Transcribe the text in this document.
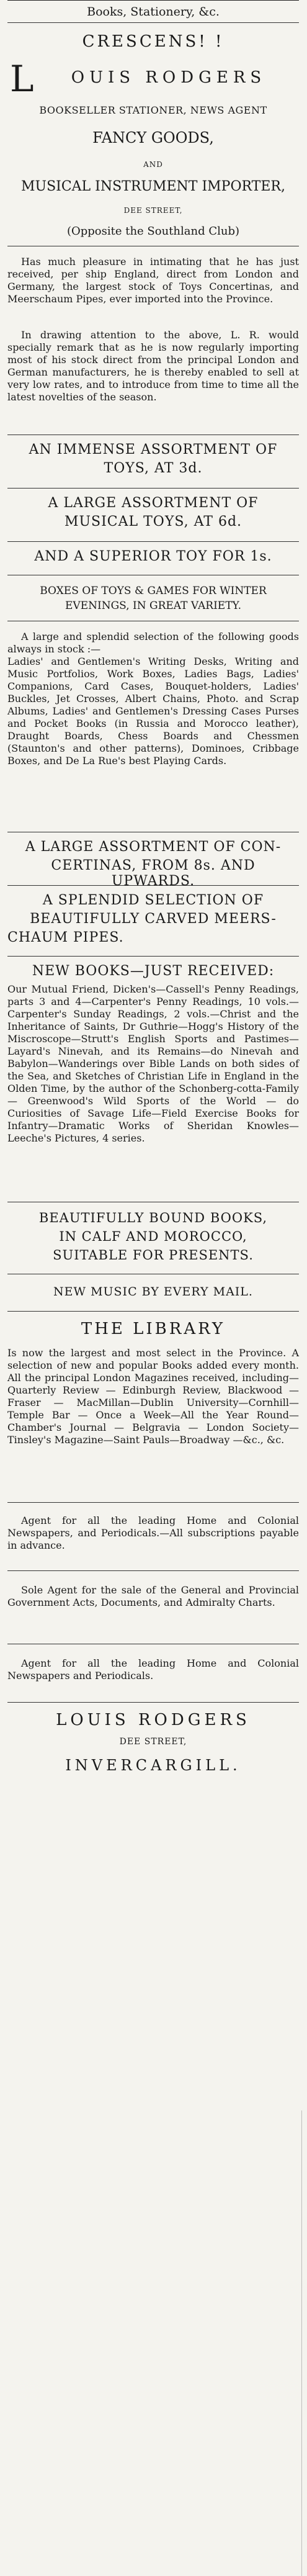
Books, Stationery, &c.
CRESCENS! !
L	OUIS RODGERS
BOOKSELLER STATIONER, NEWS AGENT
FANCY GOODS,
AND
MUSICAL INSTRUMENT IMPORTER,
DEE STREET,
(Opposite the Southland Club)

Has much pleasure in intimating that he has just received, per ship England, direct from London and Germany, the largest stock of Toys Concertinas, and Meerschaum Pipes, ever imported into the Province.

In drawing attention to the above, L. R. would specially remark that as he is now regularly importing most of his stock direct from the principal London and German manufacturers, he is thereby enabled to sell at very low rates, and to introduce from time to time all the latest novelties of the season.

AN IMMENSE ASSORTMENT OF
TOYS, AT 3d.
A LARGE ASSORTMENT OF
MUSICAL TOYS, AT 6d.
AND A SUPERIOR TOY FOR 1s.
BOXES OF TOYS & GAMES FOR WINTER EVENINGS, IN GREAT VARIETY.

A large and splendid selection of the following goods always in stock :—

Ladies' and Gentlemen's Writing Desks, Writing and Music Portfolios, Work Boxes, Ladies Bags, Ladies' Companions, Card Cases, Bouquet-holders, Ladies' Buckles, Jet Crosses, Albert Chains, Photo. and Scrap Albums, Ladies' and Gentlemen's Dressing Cases Purses and Pocket Books (in Russia and Morocco leather), Draught Boards, Chess Boards and Chessmen (Staunton's and other patterns), Dominoes, Cribbage Boxes, and De La Rue's best Playing Cards.

A LARGE ASSORTMENT OF CON-
CERTINAS, FROM 8s. AND UPWARDS.
A SPLENDID SELECTION OF
BEAUTIFULLY CARVED MEERS-
CHAUM PIPES.
NEW BOOKS—JUST RECEIVED:

Our Mutual Friend, Dicken's—Cassell's Penny Readings, parts 3 and 4—Carpenter's Penny Readings, 10 vols.—Carpenter's Sunday Readings, 2 vols.—Christ and the Inheritance of Saints, Dr Guthrie—Hogg's History of the Miscroscope—Strutt's English Sports and Pastimes—Layard's Ninevah, and its Remains—do Ninevah and Babylon—Wanderings over Bible Lands on both sides of the Sea, and Sketches of Christian Life in England in the Olden Time, by the author of the Schonberg-cotta-Family — Greenwood's Wild Sports of the World — do Curiosities of Savage Life—Field Exercise Books for Infantry—Dramatic Works of Sheridan Knowles—Leeche's Pictures, 4 series.

BEAUTIFULLY BOUND BOOKS,
IN CALF AND MOROCCO,
SUITABLE FOR PRESENTS.
NEW MUSIC BY EVERY MAIL.
THE LIBRARY

Is now the largest and most select in the Province. A selection of new and popular Books added every month. All the principal London Magazines received, including— Quarterly Review — Edinburgh Review, Blackwood — Fraser — MacMillan—Dublin University—Cornhill—Temple Bar — Once a Week—All the Year Round—Chamber's Journal — Belgravia — London Society— Tinsley's Magazine—Saint Pauls—Broadway —&c., &c.

Agent for all the leading Home and Colonial Newspapers, and Periodicals.—All subscriptions payable in advance.

Sole Agent for the sale of the General and Provincial Government Acts, Documents, and Admiralty Charts.

Agent for all the leading Home and Colonial Newspapers and Periodicals.

LOUIS RODGERS
DEE STREET,
INVERCARGILL.
